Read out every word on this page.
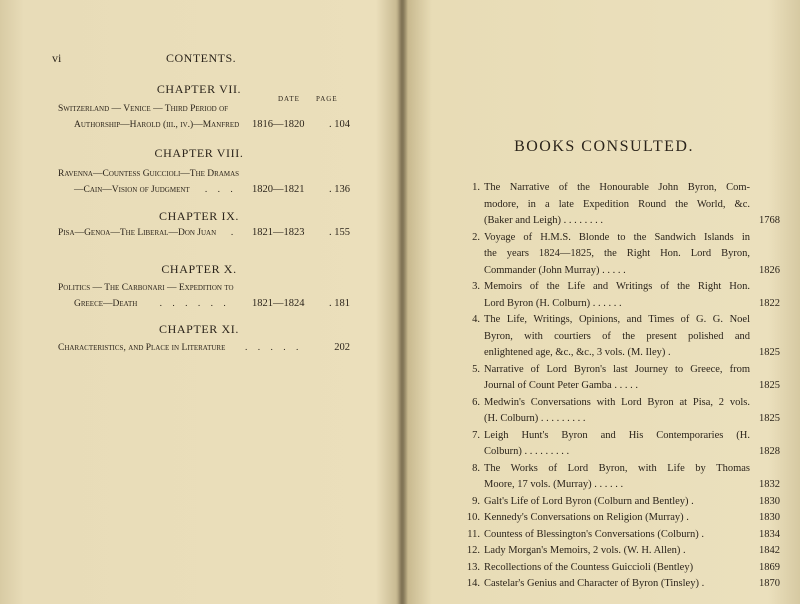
vi	CONTENTS.
CHAPTER VII.
DATE PAGE
Switzerland — Venice — Third Period of
Authorship—Harold (iii., iv.)—Manfred 1816—1820	. 104
CHAPTER VIII.
Ravenna—Countess Guiccioli—The Dramas
—Cain—Vision of Judgment	. . .	1820—1821	. 136
CHAPTER IX.
Pisa—Genoa—The Liberal—Don Juan	.	1821—1823	. 155
CHAPTER X.
Politics — The Carbonari — Expedition to
Greece—Death	. . . . . .	1821—1824	. 181
CHAPTER XI.
Characteristics, and Place in Literature	. . . . .	202
BOOKS CONSULTED.
1. The Narrative of the Honourable John Byron, Com-
modore, in a late Expedition Round the World, &c.
(Baker and Leigh) . . . . . . . .	1768
2. Voyage of H.M.S. Blonde to the Sandwich Islands in
the years 1824—1825, the Right Hon. Lord Byron,
Commander (John Murray) . . . . .	1826
3. Memoirs of the Life and Writings of the Right Hon.
Lord Byron (H. Colburn) . . . . . .	1822
4. The Life, Writings, Opinions, and Times of G. G. Noel
Byron, with courtiers of the present polished and
enlightened age, &c., &c., 3 vols. (M. Iley) .	1825
5. Narrative of Lord Byron's last Journey to Greece, from
Journal of Count Peter Gamba . . . . .	1825
6. Medwin's Conversations with Lord Byron at Pisa, 2 vols.
(H. Colburn) . . . . . . . . .	1825
7. Leigh Hunt's Byron and His Contemporaries (H.
Colburn) . . . . . . . . .	1828
8. The Works of Lord Byron, with Life by Thomas
Moore, 17 vols. (Murray) . . . . . .	1832
9. Galt's Life of Lord Byron (Colburn and Bentley) .	1830
10. Kennedy's Conversations on Religion (Murray) .	1830
11. Countess of Blessington's Conversations (Colburn) .	1834
12. Lady Morgan's Memoirs, 2 vols. (W. H. Allen) .	1842
13. Recollections of the Countess Guiccioli (Bentley)	1869
14. Castelar's Genius and Character of Byron (Tinsley) .	1870
